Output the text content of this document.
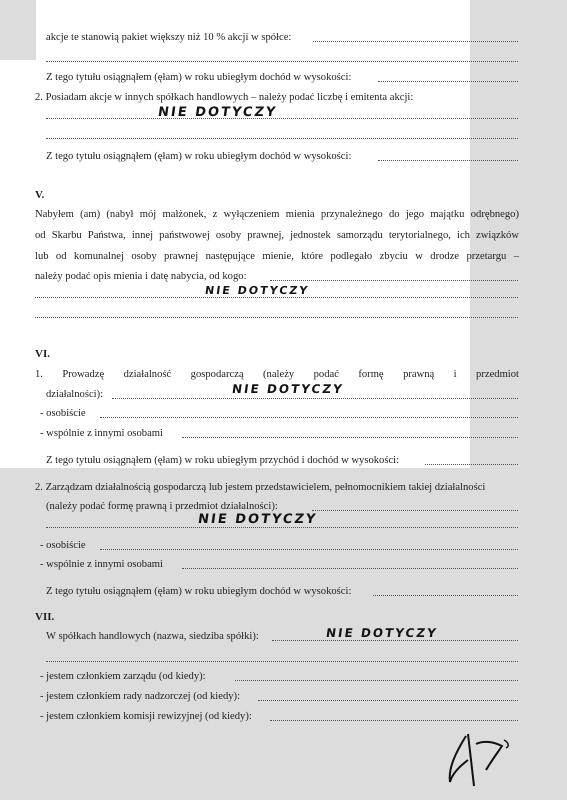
akcje te stanowią pakiet większy niż 10 % akcji w spółce:
Z tego tytułu osiągnąłem (ęłam) w roku ubiegłym dochód w wysokości:
2. Posiadam akcje w innych spółkach handlowych – należy podać liczbę i emitenta akcji:
NIE DOTYCZY
Z tego tytułu osiągnąłem (ęłam) w roku ubiegłym dochód w wysokości:
V.
Nabyłem (am) (nabył mój małżonek, z wyłączeniem mienia przynależnego do jego majątku odrębnego)
od Skarbu Państwa, innej państwowej osoby prawnej, jednostek samorządu terytorialnego, ich związków
lub od komunalnej osoby prawnej następujące mienie, które podlegało zbyciu w drodze przetargu –
należy podać opis mienia i datę nabycia, od kogo:
NIE DOTYCZY
VI.
1. Prowadzę działalność gospodarczą (należy podać formę prawną i przedmiot
działalności):	NIE DOTYCZY
- osobiście
- wspólnie z innymi osobami
Z tego tytułu osiągnąłem (ęłam) w roku ubiegłym przychód i dochód w wysokości:
2. Zarządzam działalnością gospodarczą lub jestem przedstawicielem, pełnomocnikiem takiej działalności
(należy podać formę prawną i przedmiot działalności):
NIE DOTYCZY
- osobiście
- wspólnie z innymi osobami
Z tego tytułu osiągnąłem (ęłam) w roku ubiegłym dochód w wysokości:
VII.
W spółkach handlowych (nazwa, siedziba spółki):	NIE DOTYCZY
- jestem członkiem zarządu (od kiedy):
- jestem członkiem rady nadzorczej (od kiedy):
- jestem członkiem komisji rewizyjnej (od kiedy):
